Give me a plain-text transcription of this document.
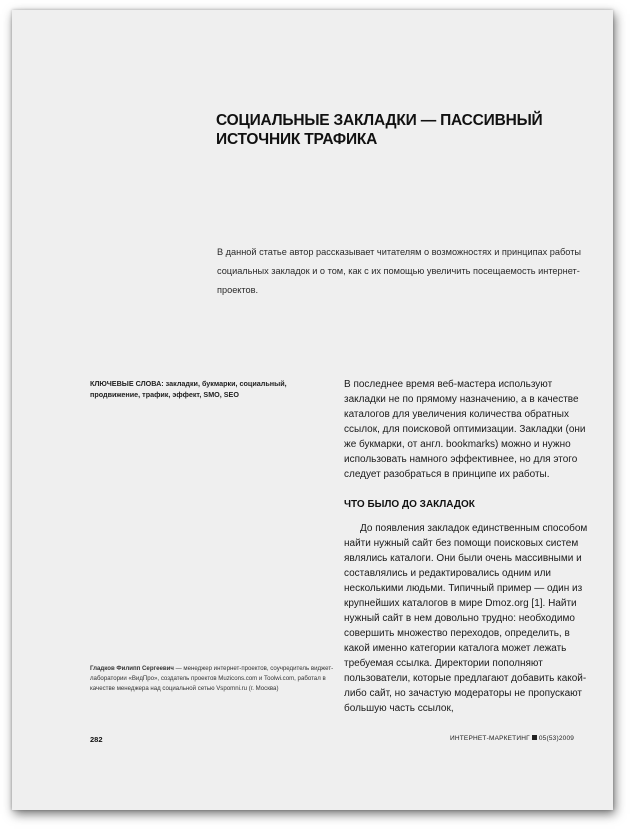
СОЦИАЛЬНЫЕ ЗАКЛАДКИ — ПАССИВНЫЙ ИСТОЧНИК ТРАФИКА

В данной статье автор рассказывает читателям о возможностях и принципах работы социальных закладок и о том, как с их помощью увеличить посещаемость интернет-проектов.

КЛЮЧЕВЫЕ СЛОВА: закладки, букмарки, социальный, продвижение, трафик, эффект, SMO, SEO

Гладков Филипп Сергеевич — менеджер интернет-проектов, соучредитель виджет-лаборатории «ВидПро», создатель проектов Muzicons.com и Toolwi.com, работал в качестве менеджера над социальной сетью Vspomni.ru (г. Москва)

В последнее время веб-мастера используют закладки не по прямому назначению, а в качестве каталогов для увеличения количества обратных ссылок, для поисковой оптимизации. Закладки (они же букмарки, от англ. bookmarks) можно и нужно использовать намного эффективнее, но для этого следует разобраться в принципе их работы.

ЧТО БЫЛО ДО ЗАКЛАДОК

До появления закладок единственным способом найти нужный сайт без помощи поисковых систем являлись каталоги. Они были очень массивными и составлялись и редактировались одним или несколькими людьми. Типичный пример — один из крупнейших каталогов в мире Dmoz.org [1]. Найти нужный сайт в нем довольно трудно: необходимо совершить множество переходов, определить, в какой именно категории каталога может лежать требуемая ссылка. Директории пополняют пользователи, которые предлагают добавить какой-либо сайт, но зачастую модераторы не пропускают большую часть ссылок,

282	ИНТЕРНЕТ-МАРКЕТИНГ 05(53)2009
